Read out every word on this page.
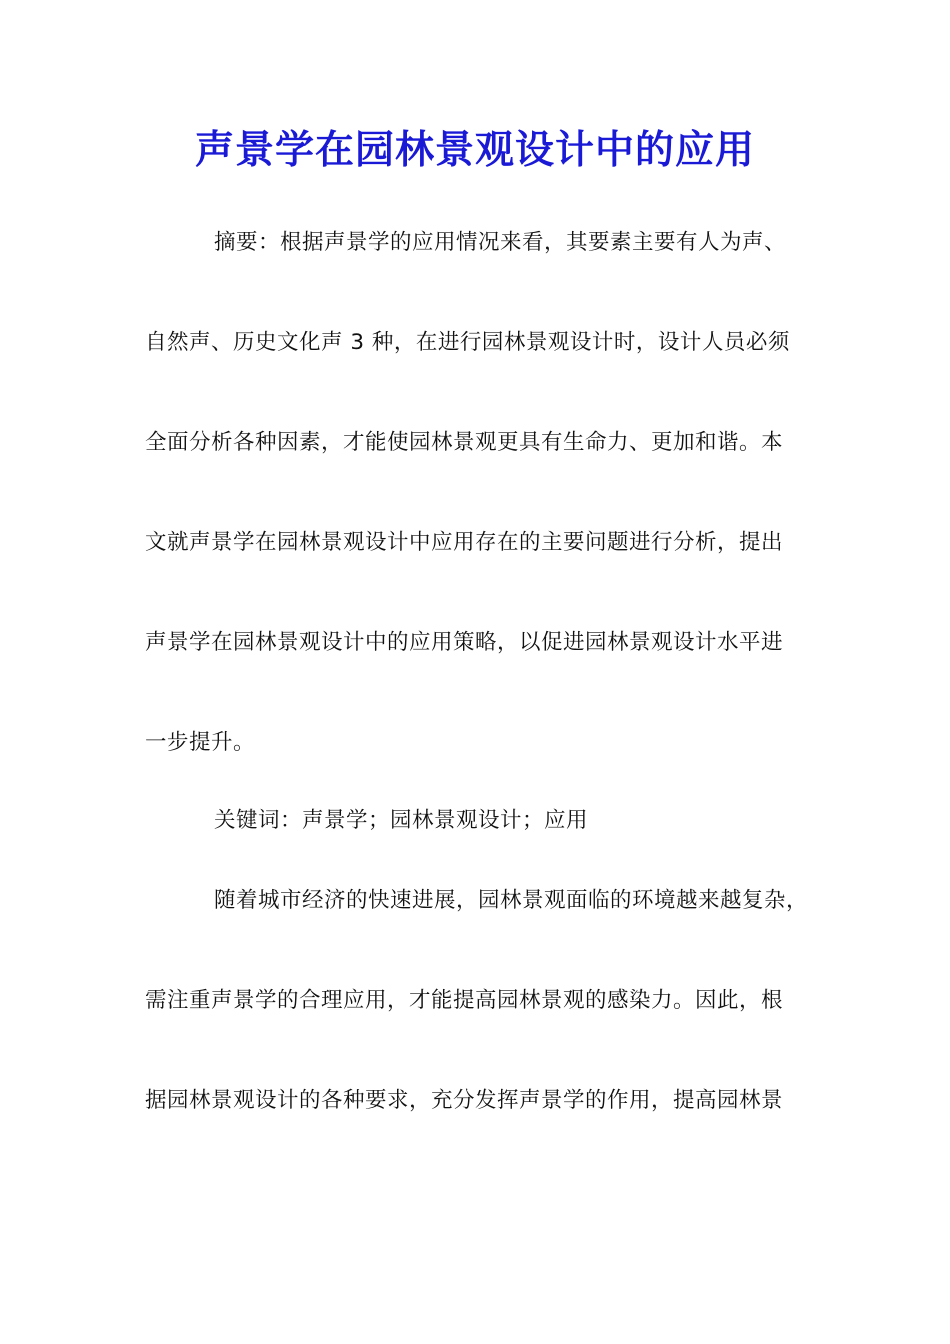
声景学在园林景观设计中的应用
摘要：根据声景学的应用情况来看，其要素主要有人为声、
自然声、历史文化声 3 种，在进行园林景观设计时，设计人员必须
全面分析各种因素，才能使园林景观更具有生命力、更加和谐。本
文就声景学在园林景观设计中应用存在的主要问题进行分析，提出
声景学在园林景观设计中的应用策略，以促进园林景观设计水平进
一步提升。
关键词：声景学；园林景观设计；应用
随着城市经济的快速进展，园林景观面临的环境越来越复杂，
需注重声景学的合理应用，才能提高园林景观的感染力。因此，根
据园林景观设计的各种要求，充分发挥声景学的作用，提高园林景
